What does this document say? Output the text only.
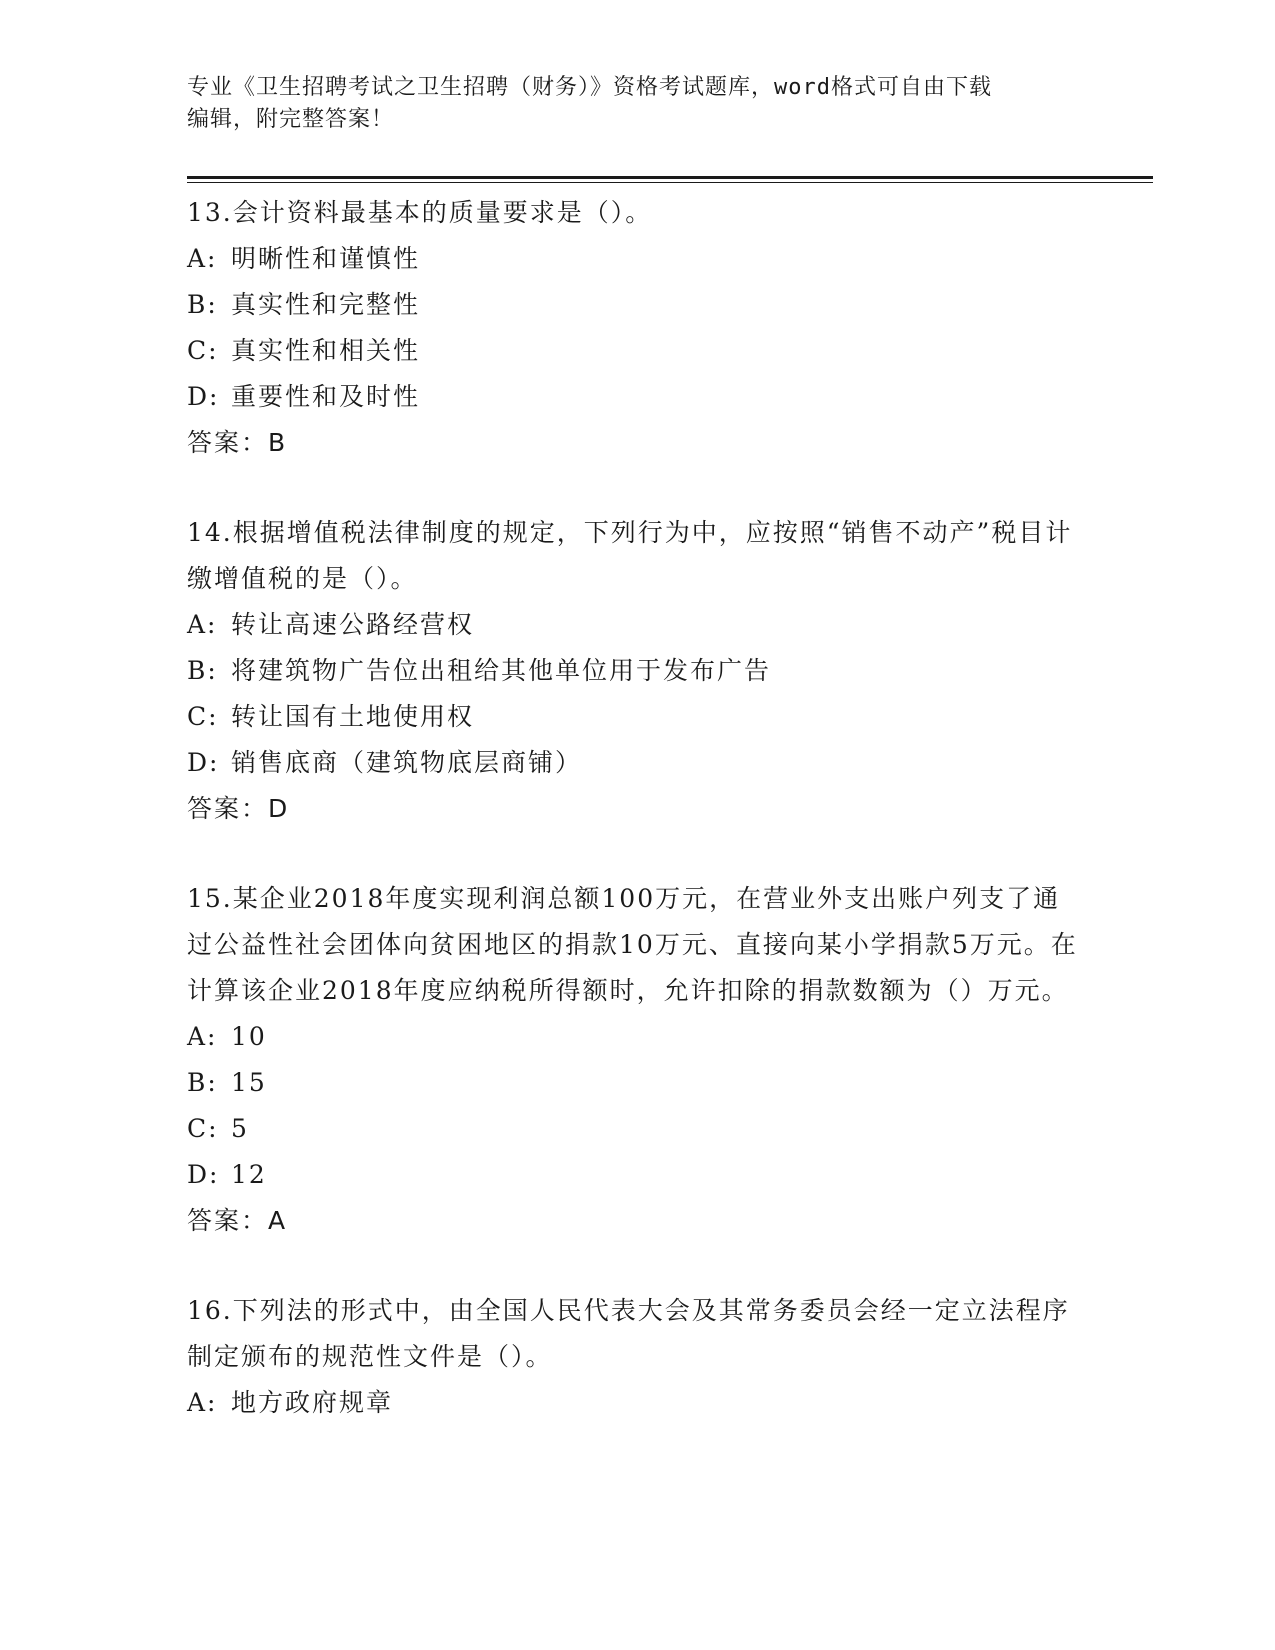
专业《卫生招聘考试之卫生招聘（财务）》资格考试题库，word格式可自由下载
编辑，附完整答案！

13.会计资料最基本的质量要求是（）。

A: 明晰性和谨慎性

B: 真实性和完整性

C: 真实性和相关性

D: 重要性和及时性

答案：B

14.根据增值税法律制度的规定，下列行为中，应按照“销售不动产”税目计缴增值税的是（）。

A: 转让高速公路经营权

B: 将建筑物广告位出租给其他单位用于发布广告

C: 转让国有土地使用权

D: 销售底商（建筑物底层商铺）

答案：D

15.某企业2018年度实现利润总额100万元，在营业外支出账户列支了通过公益性社会团体向贫困地区的捐款10万元、直接向某小学捐款5万元。在计算该企业2018年度应纳税所得额时，允许扣除的捐款数额为（）万元。

A: 10

B: 15

C: 5

D: 12

答案：A

16.下列法的形式中，由全国人民代表大会及其常务委员会经一定立法程序制定颁布的规范性文件是（）。

A: 地方政府规章
